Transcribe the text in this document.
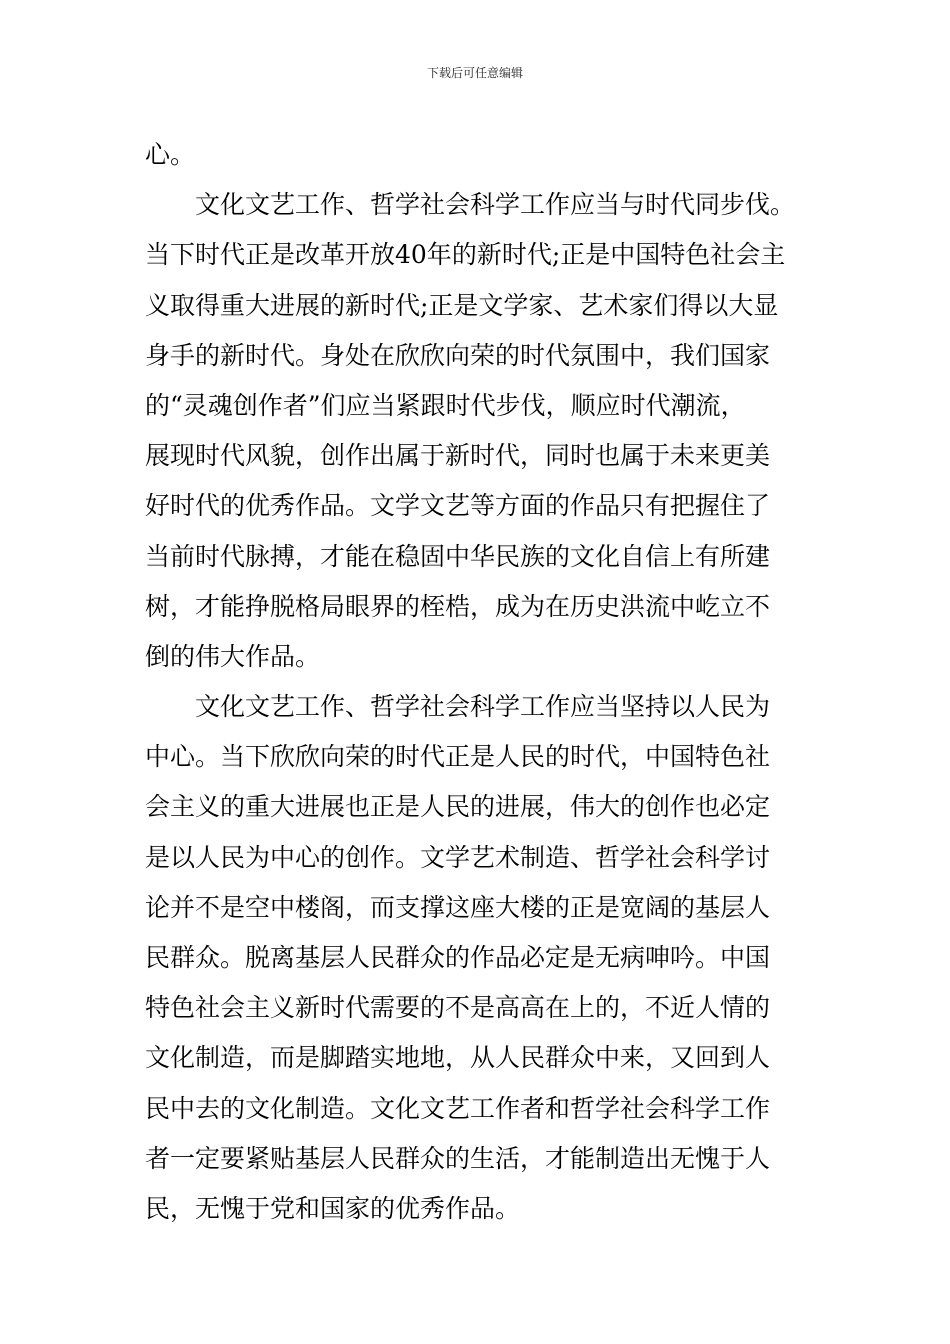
下载后可任意编辑
心。
文化文艺工作、哲学社会科学工作应当与时代同步伐。
当下时代正是改革开放40年的新时代;正是中国特色社会主
义取得重大进展的新时代;正是文学家、艺术家们得以大显
身手的新时代。身处在欣欣向荣的时代氛围中，我们国家
的“灵魂创作者”们应当紧跟时代步伐，顺应时代潮流，
展现时代风貌，创作出属于新时代，同时也属于未来更美
好时代的优秀作品。文学文艺等方面的作品只有把握住了
当前时代脉搏，才能在稳固中华民族的文化自信上有所建
树，才能挣脱格局眼界的桎梏，成为在历史洪流中屹立不
倒的伟大作品。
文化文艺工作、哲学社会科学工作应当坚持以人民为
中心。当下欣欣向荣的时代正是人民的时代，中国特色社
会主义的重大进展也正是人民的进展，伟大的创作也必定
是以人民为中心的创作。文学艺术制造、哲学社会科学讨
论并不是空中楼阁，而支撑这座大楼的正是宽阔的基层人
民群众。脱离基层人民群众的作品必定是无病呻吟。中国
特色社会主义新时代需要的不是高高在上的，不近人情的
文化制造，而是脚踏实地地，从人民群众中来，又回到人
民中去的文化制造。文化文艺工作者和哲学社会科学工作
者一定要紧贴基层人民群众的生活，才能制造出无愧于人
民，无愧于党和国家的优秀作品。
